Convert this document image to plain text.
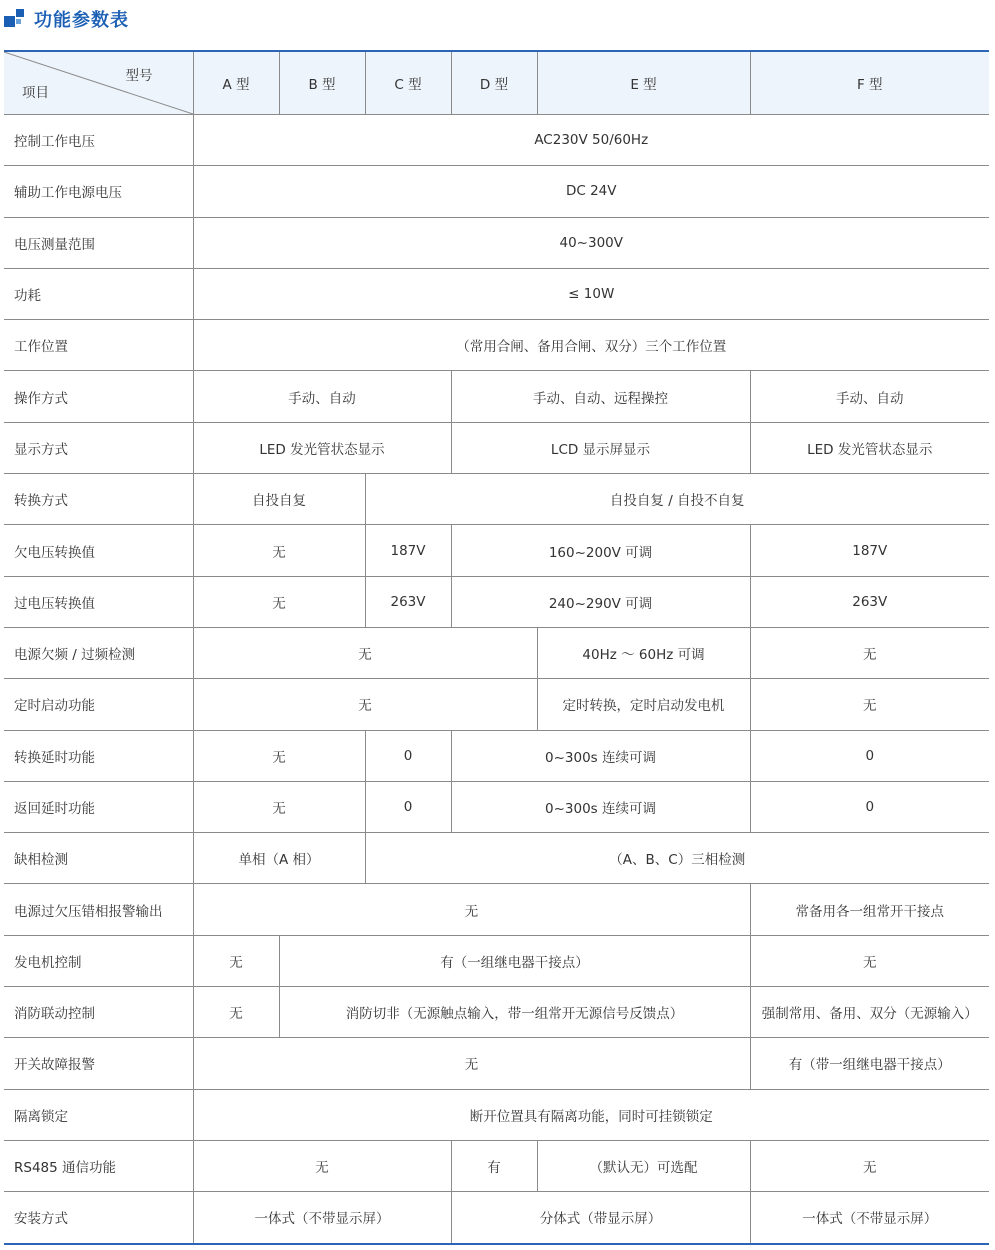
功能参数表
型号
项目	A 型	B 型	C 型	D 型	E 型	F 型
控制工作电压	AC230V 50/60Hz					
辅助工作电源电压	DC 24V					
电压测量范围	40~300V					
功耗	≤ 10W					
工作位置	（常用合闸、备用合闸、双分）三个工作位置					
操作方式	手动、自动			手动、自动、远程操控		手动、自动
显示方式	LED 发光管状态显示			LCD 显示屏显示		LED 发光管状态显示
转换方式	自投自复		自投自复 / 自投不自复			
欠电压转换值	无		187V	160~200V 可调		187V
过电压转换值	无		263V	240~290V 可调		263V
电源欠频 / 过频检测	无				40Hz ～ 60Hz 可调	无
定时启动功能	无				定时转换，定时启动发电机	无
转换延时功能	无		0	0~300s 连续可调		0
返回延时功能	无		0	0~300s 连续可调		0
缺相检测	单相（A 相）		（A、B、C）三相检测			
电源过欠压错相报警输出	无					常备用各一组常开干接点
发电机控制	无	有（一组继电器干接点）				无
消防联动控制	无	消防切非（无源触点输入，带一组常开无源信号反馈点）				强制常用、备用、双分（无源输入）
开关故障报警	无					有（带一组继电器干接点）
隔离锁定	断开位置具有隔离功能，同时可挂锁锁定					
RS485 通信功能	无			有	（默认无）可选配	无
安装方式	一体式（不带显示屏）			分体式（带显示屏）		一体式（不带显示屏）
